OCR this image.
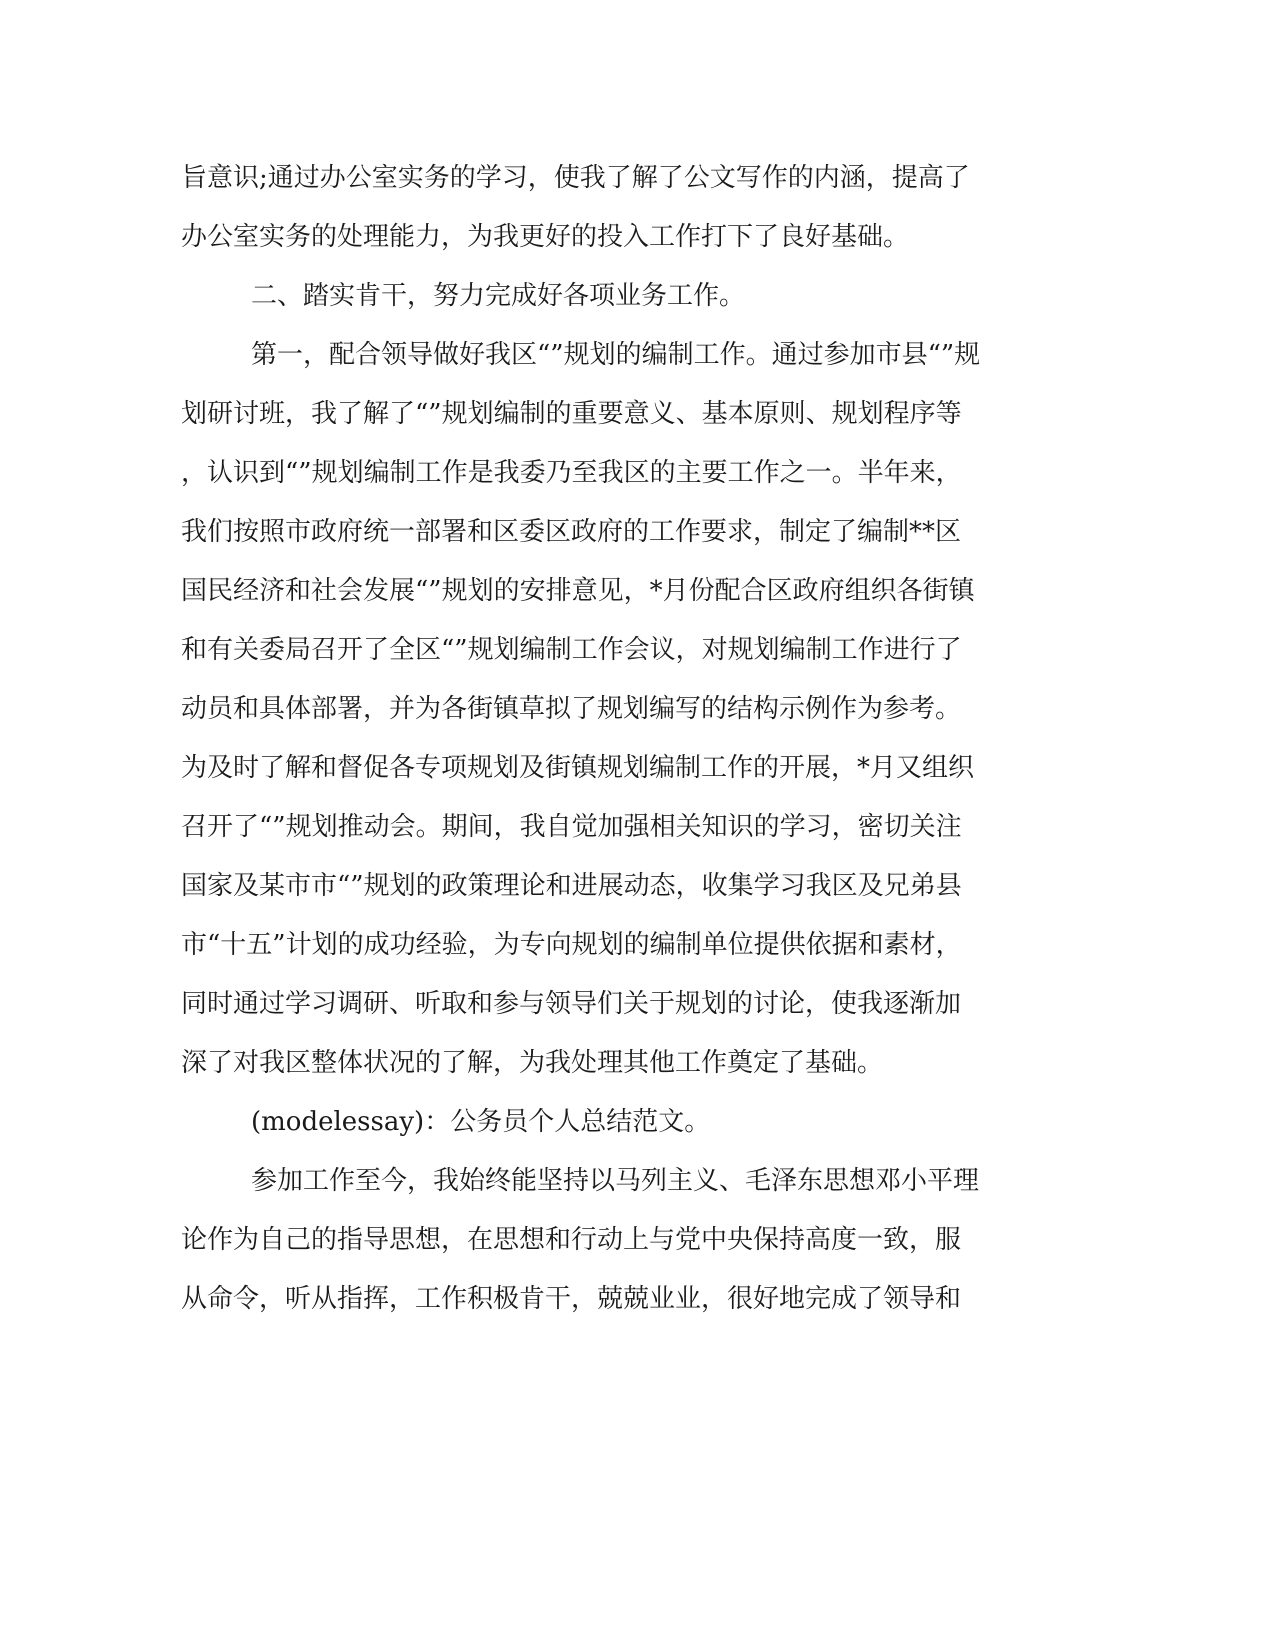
旨意识;通过办公室实务的学习，使我了解了公文写作的内涵，提高了
办公室实务的处理能力，为我更好的投入工作打下了良好基础。
二、踏实肯干，努力完成好各项业务工作。
第一，配合领导做好我区“”规划的编制工作。通过参加市县“”规
划研讨班，我了解了“”规划编制的重要意义、基本原则、规划程序等
，认识到“”规划编制工作是我委乃至我区的主要工作之一。半年来，
我们按照市政府统一部署和区委区政府的工作要求，制定了编制**区
国民经济和社会发展“”规划的安排意见，*月份配合区政府组织各街镇
和有关委局召开了全区“”规划编制工作会议，对规划编制工作进行了
动员和具体部署，并为各街镇草拟了规划编写的结构示例作为参考。
为及时了解和督促各专项规划及街镇规划编制工作的开展，*月又组织
召开了“”规划推动会。期间，我自觉加强相关知识的学习，密切关注
国家及某市市“”规划的政策理论和进展动态，收集学习我区及兄弟县
市“十五”计划的成功经验，为专向规划的编制单位提供依据和素材，
同时通过学习调研、听取和参与领导们关于规划的讨论，使我逐渐加
深了对我区整体状况的了解，为我处理其他工作奠定了基础。
(modelessay)：公务员个人总结范文。
参加工作至今，我始终能坚持以马列主义、毛泽东思想邓小平理
论作为自己的指导思想，在思想和行动上与党中央保持高度一致，服
从命令，听从指挥，工作积极肯干，兢兢业业，很好地完成了领导和
